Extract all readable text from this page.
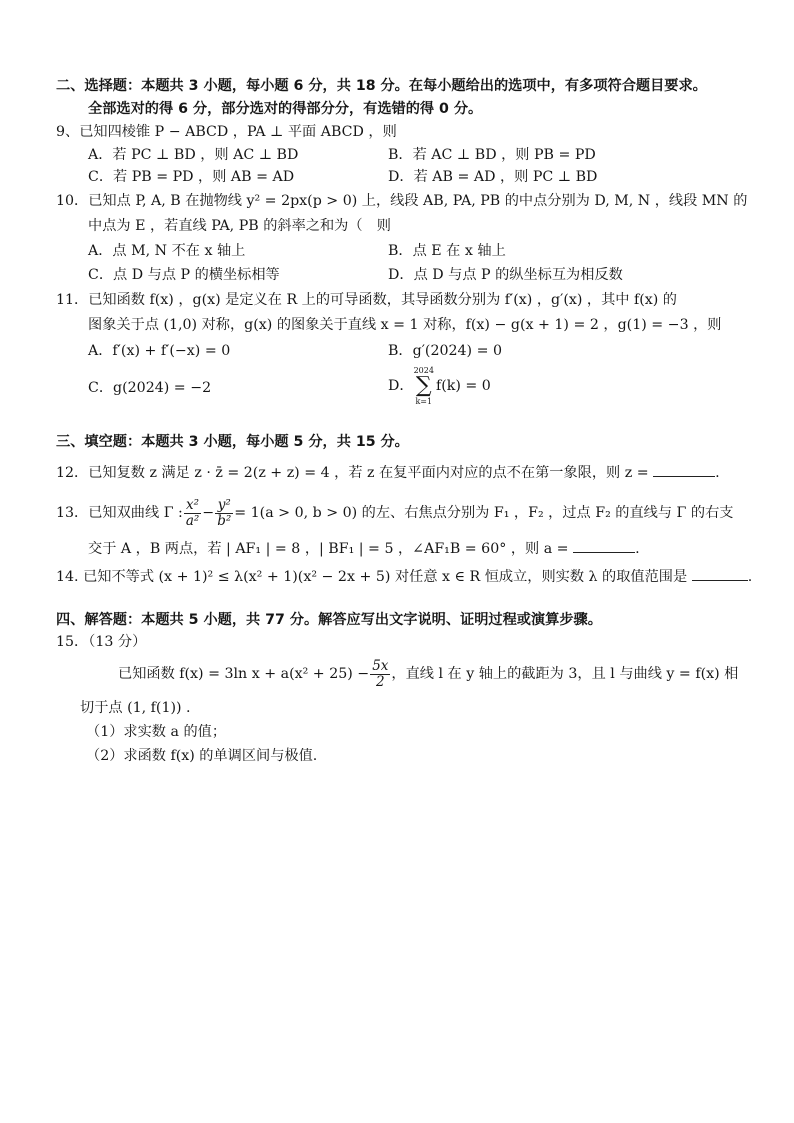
二、选择题：本题共 3 小题，每小题 6 分，共 18 分。在每小题给出的选项中，有多项符合题目要求。
全部选对的得 6 分，部分选对的得部分分，有选错的得 0 分。
9、已知四棱锥 P − ABCD ，PA ⊥ 平面 ABCD ，则
A．若 PC ⊥ BD ，则 AC ⊥ BD	B．若 AC ⊥ BD ，则 PB = PD
C．若 PB = PD ，则 AB = AD	D．若 AB = AD ，则 PC ⊥ BD
10．已知点 P, A, B 在抛物线 y² = 2px(p > 0) 上，线段 AB, PA, PB 的中点分别为 D, M, N ，线段 MN 的
中点为 E ，若直线 PA, PB 的斜率之和为（　则
A．点 M, N 不在 x 轴上	B．点 E 在 x 轴上
C．点 D 与点 P 的横坐标相等	D．点 D 与点 P 的纵坐标互为相反数
11．已知函数 f(x) ，g(x) 是定义在 R 上的可导函数，其导函数分别为 f′(x) ，g′(x) ，其中 f(x) 的
图象关于点 (1,0) 对称，g(x) 的图象关于直线 x = 1 对称，f(x) − g(x + 1) = 2 ，g(1) = −3 ，则
A．f′(x) + f′(−x) = 0	B．g′(2024) = 0
C．g(2024) = −2	D．
2024
∑
k=1
f(k) = 0
三、填空题：本题共 3 小题，每小题 5 分，共 15 分。
12．已知复数 z 满足 z · z̄ = 2(z + z) = 4 ，若 z 在复平面内对应的点不在第一象限，则 z =	.
13．已知双曲线 Γ : $\frac{\text{x²}}{\text{a²}} - \frac{\text{y²}}{\text{b²}} = 1(a > 0$, b > 0) 的左、右焦点分别为 F₁ ，F₂ ，过点 F₂ 的直线与 Γ 的右支
交于 A ，B 两点，若 | AF₁ | = 8 ，| BF₁ | = 5 ，∠AF₁B = 60° ，则 a =	.
14. 已知不等式 (x + 1)² ≤ λ(x² + 1)(x² − 2x + 5) 对任意 x ∈ R 恒成立，则实数 λ 的取值范围是	.
四、解答题：本题共 5 小题，共 77 分。解答应写出文字说明、证明过程或演算步骤。
15．（13 分）
已知函数 f(x) = 3ln $x + a(x^2 + 25) - \frac{5x}{2}$ ，直线 l 在 y 轴上的截距为 3，且 l 与曲线 y = f(x) 相
切于点 (1, f(1)) .
（1）求实数 a 的值；
（2）求函数 f(x) 的单调区间与极值.
